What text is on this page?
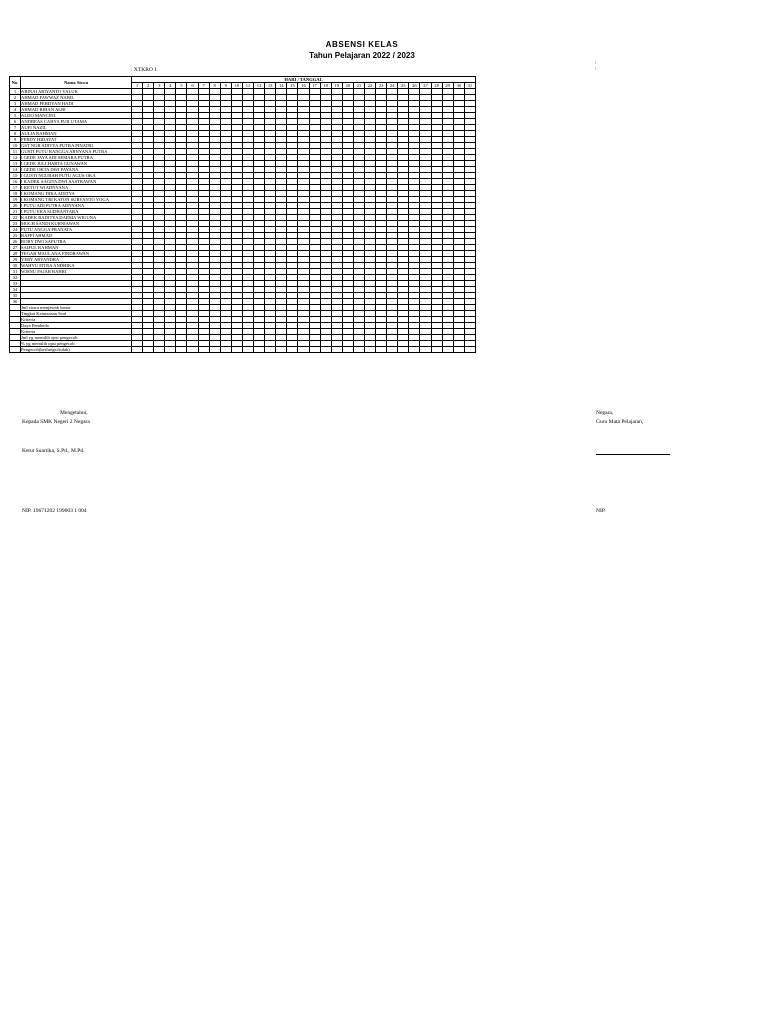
ABSENSI KELAS
Tahun Pelajaran 2022 / 2023
: XTKRO 1
:
:
No.	Nama Siswa	HARI / TANGGAL																														
		1	2	3	4	5	6	7	8	9	10	11	12	13	14	15	16	17	18	19	20	21	22	23	24	25	26	27	28	29	30	31
1	ABINAI ARIYANTO VALUK																															
2	AHMAD FAWWAZ NABIL																															
3	AHMAD FERDYAN HADI																															
4	AHMAD RIHAN ALBI																															
5	ALDO MANCINI																															
6	ANDREAS CAHYA PUR UTAMA																															
7	AUFI NAZIL																															
8	AULIA RAHMAN																															
9	FERDY HIDAYAT																															
10	GST NGR ADITYA PUTRA PINATRI																															
11	GUSTI PUTU RANGGA ARNYANA PUTRA																															
12	I GEDE JAYA ADI SEMARA PUTRA																															
13	I GEDE JULI HARTA GUNAWAN																															
14	I GEDE OKTA DWI PAYANA																															
15	I GUSTI NGURAH PUTU AGUS OKA																															
16	I KADEK SAGITA DWI SASTRAWAN																															
17	I KETUT WIADNYANA																															
18	I KOMANG DIKA ADITYA																															
19	I KOMANG TRI KATON SURYANTO YOGA																															
20	I PUTU ADI PUTRA ADNYANA																															
21	I PUTU EKA SUDHANTARA																															
22	KADEK RADITYA DARMA WIGUNA																															
23	MOCH SANDI KURNIAWAN																															
24	PUTU ANGGA PRANATA																															
25	RAFFI AHMAD																															
26	ROBY DWI SAPUTRA																															
27	SAIFUL RAHMAN																															
28	TEGAR MAULANA FINDRAWAN																															
29	YERY ARYANDRA																															
30	WAHYU FITRA ANDHIKA																															
31	WISNU FAJAR BAHRI																															
32																																
33																																
34																																
35																																
36																																
	Jml siswa menjawab benar																															
	Tingkat Ketuntasan Soal																															
	Kriteria																															
	Daya Pembeda																															
	Kriteria																															
	Jml yg memilih opsi pengecoh																															
	% yg memilih opsi pengecoh																															
	Pengecoh(berfungsi/tidak)																															
Mengetahui,
Kepada SMK Negeri 2 Negara
Ketut Suartika, S.Pd., M.Pd.
NIP. 19671202 199003 1 004
Negara,
Guru Mata Pelajaran,
NIP.
